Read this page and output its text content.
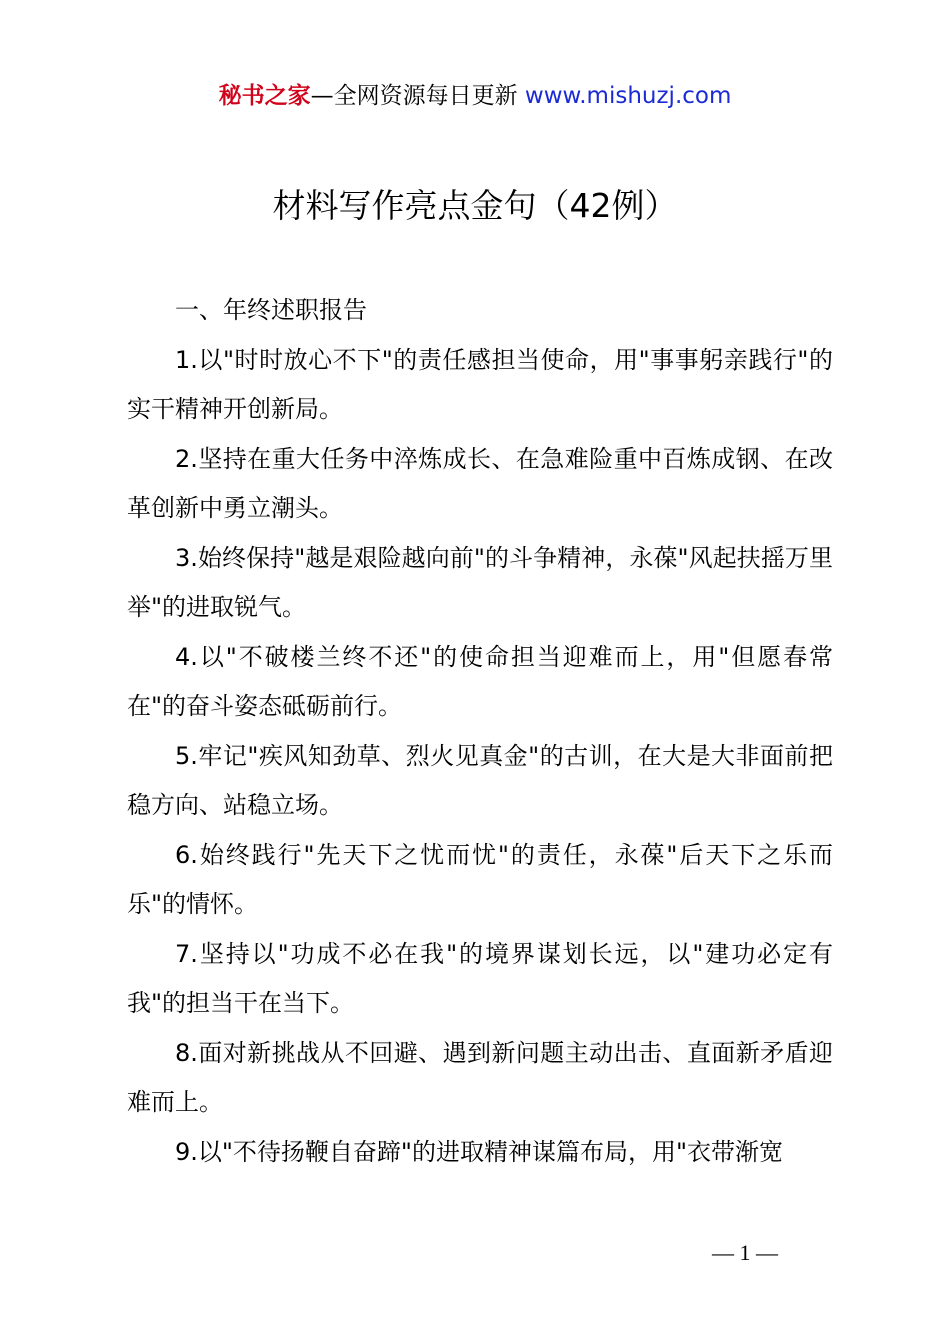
秘书之家—全网资源每日更新 www.mishuzj.com
材料写作亮点金句（42例）

一、年终述职报告

1.以"时时放心不下"的责任感担当使命，用"事事躬亲践行"的实干精神开创新局。

2.坚持在重大任务中淬炼成长、在急难险重中百炼成钢、在改革创新中勇立潮头。

3.始终保持"越是艰险越向前"的斗争精神，永葆"风起扶摇万里举"的进取锐气。

4.以"不破楼兰终不还"的使命担当迎难而上，用"但愿春常在"的奋斗姿态砥砺前行。

5.牢记"疾风知劲草、烈火见真金"的古训，在大是大非面前把稳方向、站稳立场。

6.始终践行"先天下之忧而忧"的责任，永葆"后天下之乐而乐"的情怀。

7.坚持以"功成不必在我"的境界谋划长远，以"建功必定有我"的担当干在当下。

8.面对新挑战从不回避、遇到新问题主动出击、直面新矛盾迎难而上。

9.以"不待扬鞭自奋蹄"的进取精神谋篇布局，用"衣带渐宽

— 1 —
